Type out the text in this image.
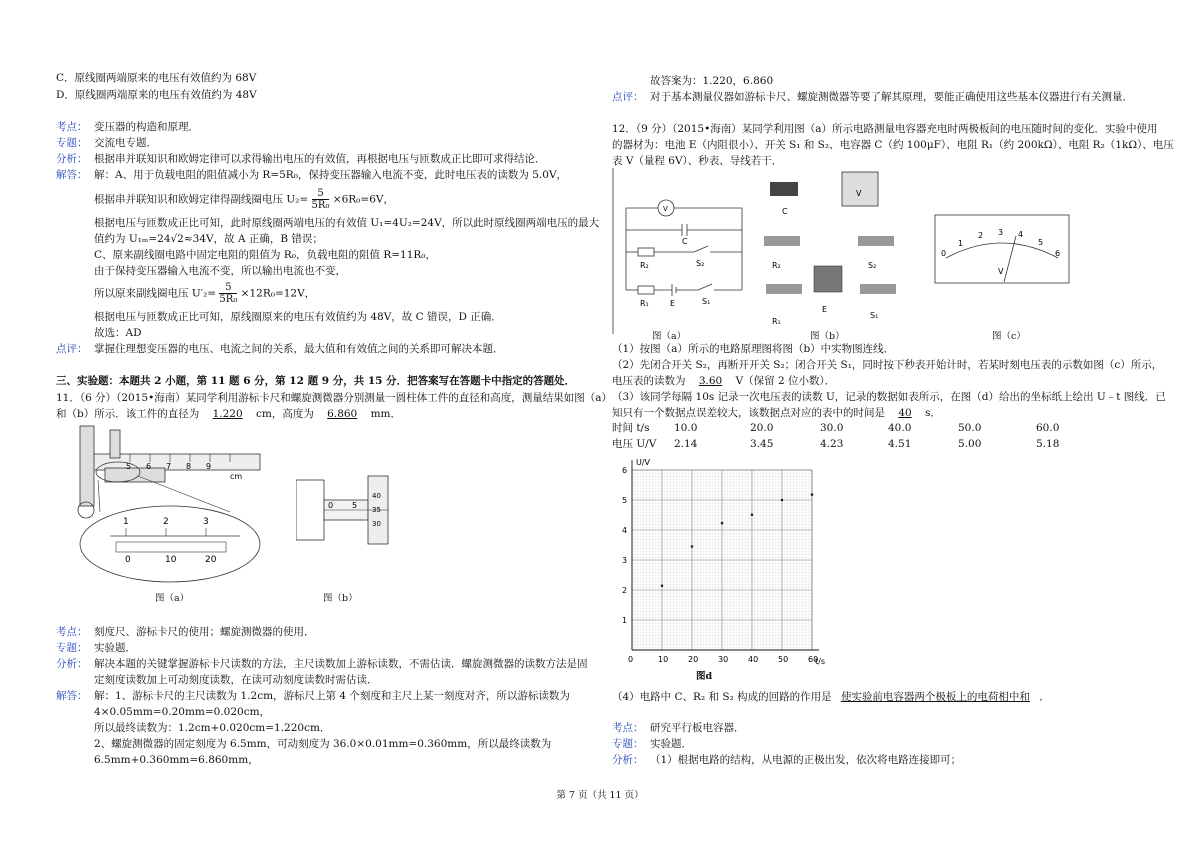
C．原线圈两端原来的电压有效值约为 68V
D．原线圈两端原来的电压有效值约为 48V
考点： 变压器的构造和原理．
专题： 交流电专题．
分析： 根据串并联知识和欧姆定律可以求得输出电压的有效值，再根据电压与匝数成正比即可求得结论．
解答： 解：A、用于负载电阻的阻值减小为 R=5R₀，保持变压器输入电流不变，此时电压表的读数为 5.0V，
根据串并联知识和欧姆定律得副线圈电压 $U_2= \frac{5}{\text{5R₀}} \times 6R_0=6V$，
根据电压与匝数成正比可知，此时原线圈两端电压的有效值 U₁=4U₂=24V，所以此时原线圈两端电压的最大
值约为 U₁ₘ=24√2≈34V，故 A 正确，B 错误；
C、原来副线圈电路中固定电阻的阻值为 R₀，负载电阻的阻值 R=11R₀，
由于保持变压器输入电流不变，所以输出电流也不变，
所以原来副线圈电压 $U'_2= \frac{5}{\text{5R₀}} \times 12R_0=12V$，
根据电压与匝数成正比可知，原线圈原来的电压有效值约为 48V，故 C 错误，D 正确．
故选：AD
点评： 掌握住理想变压器的电压、电流之间的关系，最大值和有效值之间的关系即可解决本题．
三、实验题：本题共 2 小题，第 11 题 6 分，第 12 题 9 分，共 15 分．把答案写在答题卡中指定的答题处．
11．（6 分）（2015•海南）某同学利用游标卡尺和螺旋测微器分别测量一圆柱体工件的直径和高度，测量结果如图（a）
和（b）所示．该工件的直径为 1.220 cm，高度为 6.860 mm．
5 6 7 8 9
cm
1	2	3
0	10	20
图（a）
0 5
40
35
30
图（b）
考点： 刻度尺、游标卡尺的使用；螺旋测微器的使用．
专题： 实验题．
分析： 解决本题的关键掌握游标卡尺读数的方法，主尺读数加上游标读数，不需估读．螺旋测微器的读数方法是固
定刻度读数加上可动刻度读数，在读可动刻度读数时需估读．
解答： 解：1、游标卡尺的主尺读数为 1.2cm，游标尺上第 4 个刻度和主尺上某一刻度对齐，所以游标读数为
4×0.05mm=0.20mm=0.020cm，
所以最终读数为：1.2cm+0.020cm=1.220cm．
2、螺旋测微器的固定刻度为 6.5mm，可动刻度为 36.0×0.01mm=0.360mm，所以最终读数为
6.5mm+0.360mm=6.860mm，
故答案为：1.220，6.860
点评： 对于基本测量仪器如游标卡尺、螺旋测微器等要了解其原理，要能正确使用这些基本仪器进行有关测量．
12．（9 分）（2015•海南）某同学利用图（a）所示电路测量电容器充电时两极板间的电压随时间的变化．实验中使用
的器材为：电池 E（内阻很小）、开关 S₁ 和 S₂、电容器 C（约 100μF）、电阻 R₁（约 200kΩ）、电阻 R₂（1kΩ）、电压
表 V（量程 6V）、秒表、导线若干．
V
C
R₂	S₂
R₁	E	S₁
图（a）
C
V
R₂	S₂
E
R₁
S₁
图（b）
0
1
2 3 4
5
6
V
图（c）
（1）按图（a）所示的电路原理图将图（b）中实物图连线．
（2）先闭合开关 S₂，再断开开关 S₂；闭合开关 S₁，同时按下秒表开始计时，若某时刻电压表的示数如图（c）所示，
电压表的读数为 3.60 V（保留 2 位小数）．
（3）该同学每隔 10s 记录一次电压表的读数 U，记录的数据如表所示，在图（d）给出的坐标纸上绘出 U﹣t 图线．已
知只有一个数据点误差较大，该数据点对应的表中的时间是 40 s．
时间 t/s 10.0	20.0	30.0	40.0	50.0	60.0
电压 U/V 2.14	3.45	4.23	4.51	5.00	5.18
U/V
t/s
0	10 20 30 40 50 60
1
2
3
4
5
6
图d
（4）电路中 C、R₂ 和 S₂ 构成的回路的作用是 使实验前电容器两个极板上的电荷相中和 ．
考点： 研究平行板电容器．
专题： 实验题．
分析： （1）根据电路的结构，从电源的正极出发，依次将电路连接即可；
第 7 页（共 11 页）
